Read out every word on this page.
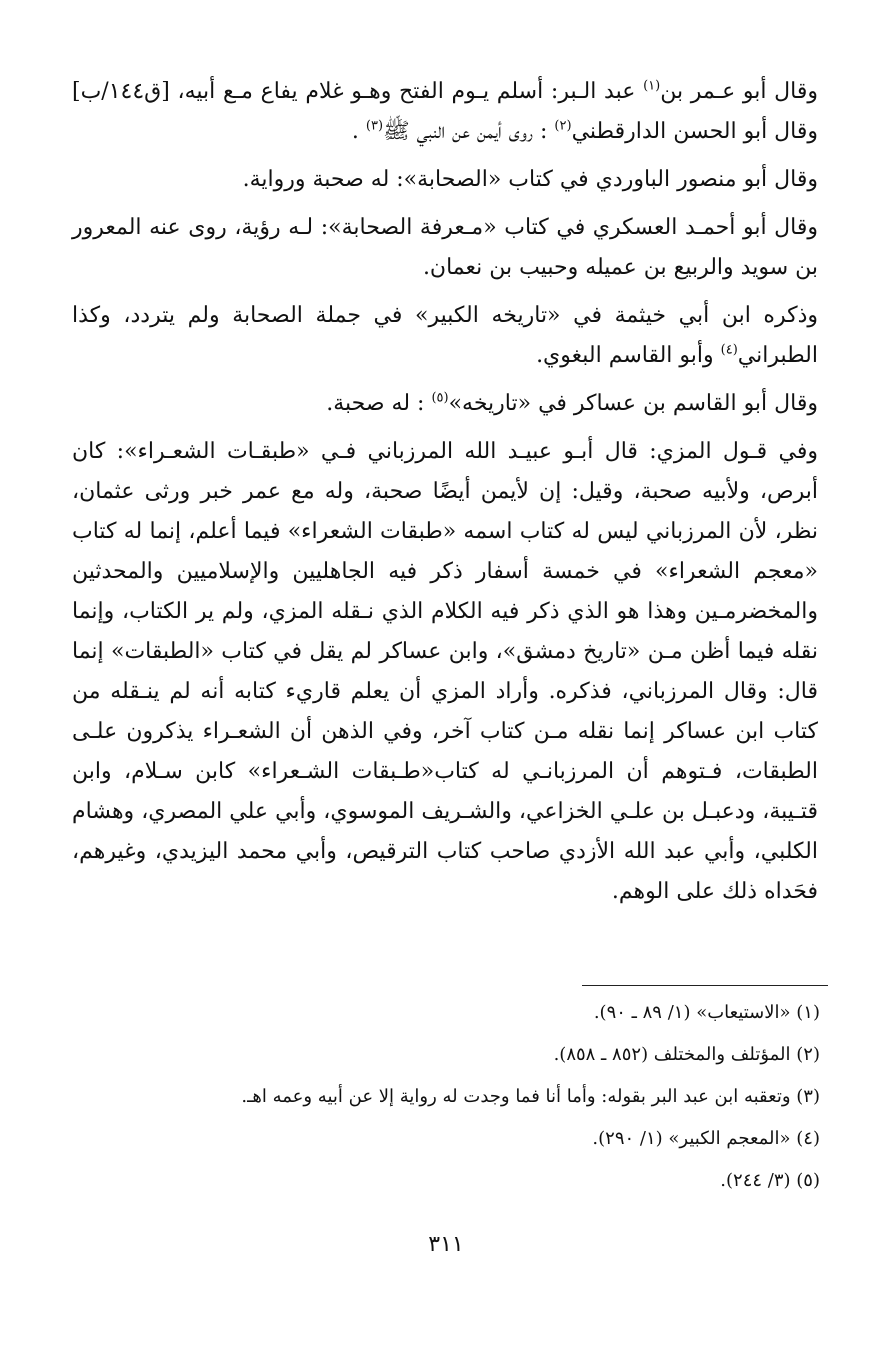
وقال أبو عـمر بن$^{(١)}$ عبد الـبر: أسلم يـوم الفتح وهـو غلام يفاع مـع أبيه، [ق١٤٤/ب] وقال أبو الحسن الدارقطني$^{(٢)}$ : روى أيمن عن النبي ﷺ$^{(٣)}$ .

وقال أبو منصور الباوردي في كتاب «الصحابة»: له صحبة ورواية.

وقال أبو أحمـد العسكري في كتاب «مـعرفة الصحابة»: لـه رؤية، روى عنه المعرور بن سويد والربيع بن عميله وحبيب بن نعمان.

وذكره ابن أبي خيثمة في «تاريخه الكبير» في جملة الصحابة ولم يتردد، وكذا الطبراني$^{(٤)}$ وأبو القاسم البغوي.

وقال أبو القاسم بن عساكر في «تاريخه»$^{(٥)}$ : له صحبة.

وفي قـول المزي: قال أبـو عبيـد الله المرزباني فـي «طبقـات الشعـراء»: كان أبرص، ولأبيه صحبة، وقيل: إن لأيمن أيضًا صحبة، وله مع عمر خبر ورثى عثمان، نظر، لأن المرزباني ليس له كتاب اسمه «طبقات الشعراء» فيما أعلم، إنما له كتاب «معجم الشعراء» في خمسة أسفار ذكر فيه الجاهليين والإسلاميين والمحدثين والمخضرمـين وهذا هو الذي ذكر فيه الكلام الذي نـقله المزي، ولم ير الكتاب، وإنما نقله فيما أظن مـن «تاريخ دمشق»، وابن عساكر لم يقل في كتاب «الطبقات» إنما قال: وقال المرزباني، فذكره. وأراد المزي أن يعلم قاريء كتابه أنه لم ينـقله من كتاب ابن عساكر إنما نقله مـن كتاب آخر، وفي الذهن أن الشعـراء يذكرون علـى الطبقات، فـتوهم أن المرزبانـي له كتاب«طـبقات الشـعراء» كابن سـلام، وابن قتـيبة، ودعبـل بن علـي الخزاعي، والشـريف الموسوي، وأبي علي المصري، وهشام الكلبي، وأبي عبد الله الأزدي صاحب كتاب الترقيص، وأبي محمد اليزيدي، وغيرهم، فحَداه ذلك على الوهم.

(١) «الاستيعاب» (١/ ٨٩ ـ ٩٠).

(٢) المؤتلف والمختلف (٨٥٢ ـ ٨٥٨).

(٣) وتعقبه ابن عبد البر بقوله: وأما أنا فما وجدت له رواية إلا عن أبيه وعمه اهـ.

(٤) «المعجم الكبير» (١/ ٢٩٠).

(٥) (٣/ ٢٤٤).

٣١١
